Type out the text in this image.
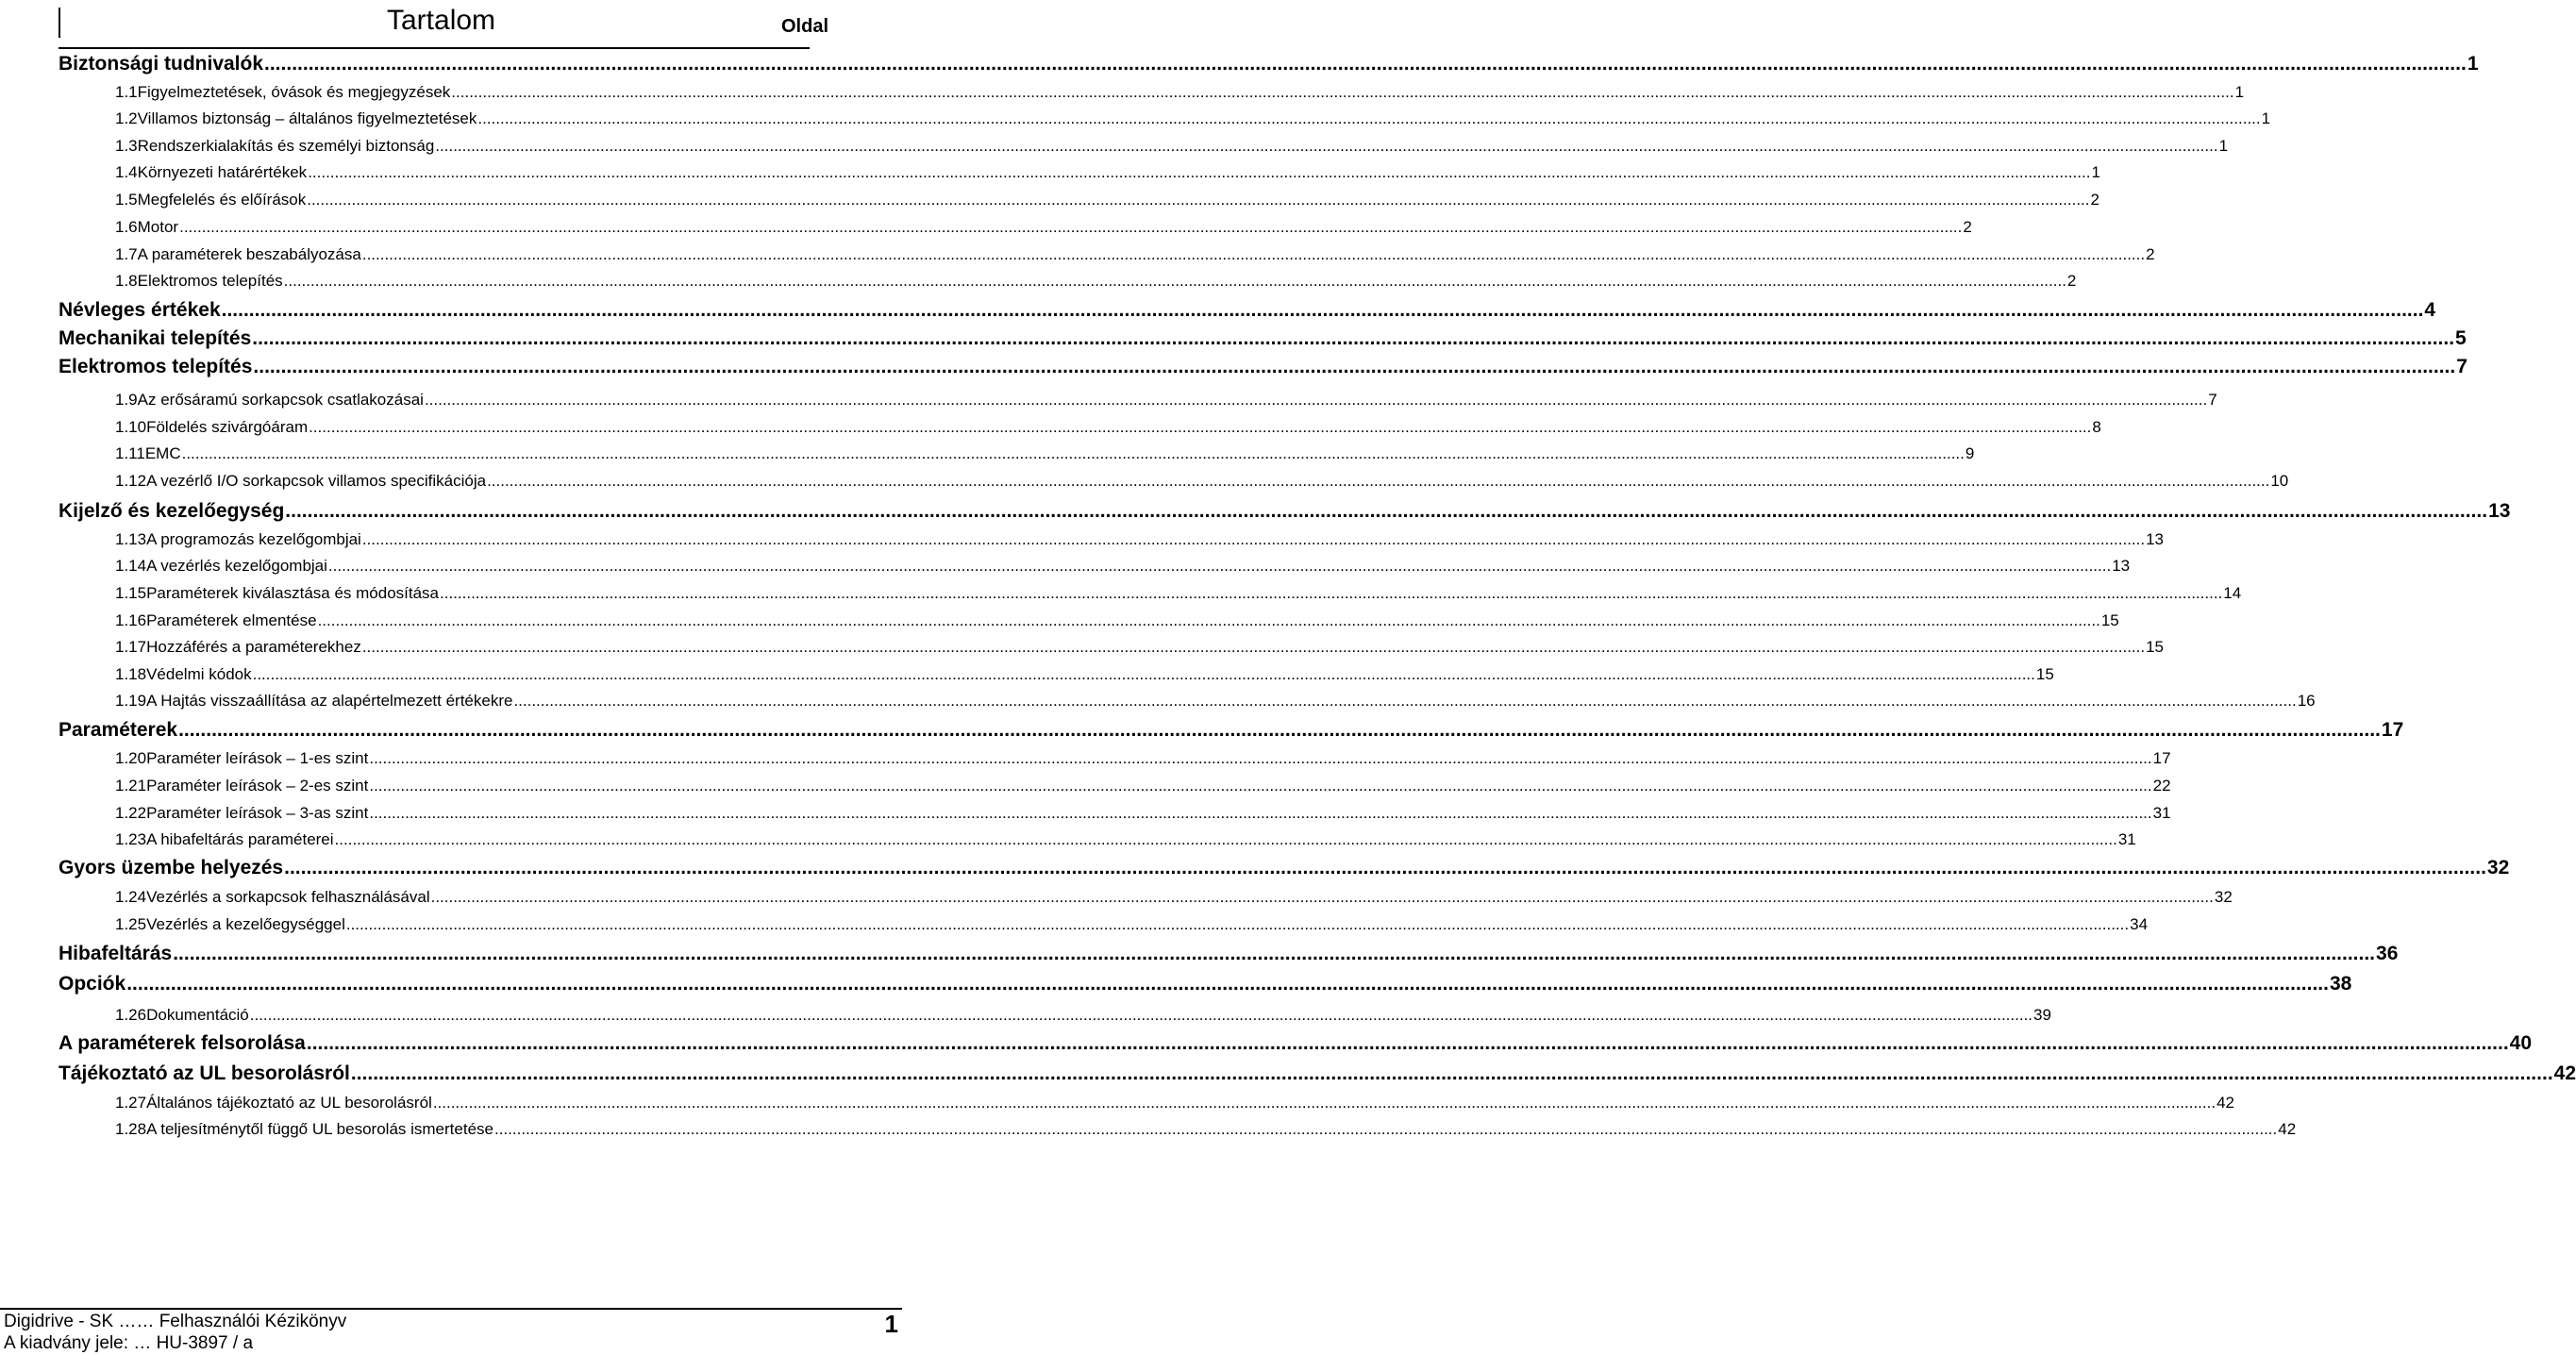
Tartalom	Oldal
Biztonsági tudnivalók ................................................................................................................................................................................................................................................................................................................................................................................................................ 1
1.1 Figyelmeztetések, óvások és megjegyzések ................................................................................................................................................................................................................................................................................................................................................................................................................ 1
1.2 Villamos biztonság – általános figyelmeztetések ................................................................................................................................................................................................................................................................................................................................................................................................................ 1
1.3 Rendszerkialakítás és személyi biztonság ................................................................................................................................................................................................................................................................................................................................................................................................................ 1
1.4 Környezeti határértékek ................................................................................................................................................................................................................................................................................................................................................................................................................ 1
1.5 Megfelelés és előírások ................................................................................................................................................................................................................................................................................................................................................................................................................ 2
1.6 Motor ................................................................................................................................................................................................................................................................................................................................................................................................................ 2
1.7 A paraméterek beszabályozása ................................................................................................................................................................................................................................................................................................................................................................................................................ 2
1.8 Elektromos telepítés ................................................................................................................................................................................................................................................................................................................................................................................................................ 2
Névleges értékek ................................................................................................................................................................................................................................................................................................................................................................................................................ 4
Mechanikai telepítés ................................................................................................................................................................................................................................................................................................................................................................................................................ 5
Elektromos telepítés ................................................................................................................................................................................................................................................................................................................................................................................................................ 7
1.9 Az erősáramú sorkapcsok csatlakozásai ................................................................................................................................................................................................................................................................................................................................................................................................................ 7
1.10 Földelés szivárgóáram ................................................................................................................................................................................................................................................................................................................................................................................................................ 8
1.11 EMC ................................................................................................................................................................................................................................................................................................................................................................................................................ 9
1.12 A vezérlő I/O sorkapcsok villamos specifikációja ................................................................................................................................................................................................................................................................................................................................................................................................................ 10
Kijelző és kezelőegység ................................................................................................................................................................................................................................................................................................................................................................................................................ 13
1.13 A programozás kezelőgombjai ................................................................................................................................................................................................................................................................................................................................................................................................................ 13
1.14 A vezérlés kezelőgombjai ................................................................................................................................................................................................................................................................................................................................................................................................................ 13
1.15 Paraméterek kiválasztása és módosítása ................................................................................................................................................................................................................................................................................................................................................................................................................ 14
1.16 Paraméterek elmentése ................................................................................................................................................................................................................................................................................................................................................................................................................ 15
1.17 Hozzáférés a paraméterekhez ................................................................................................................................................................................................................................................................................................................................................................................................................ 15
1.18 Védelmi kódok ................................................................................................................................................................................................................................................................................................................................................................................................................ 15
1.19 A Hajtás visszaállítása az alapértelmezett értékekre ................................................................................................................................................................................................................................................................................................................................................................................................................ 16
Paraméterek ................................................................................................................................................................................................................................................................................................................................................................................................................ 17
1.20 Paraméter leírások – 1-es szint ................................................................................................................................................................................................................................................................................................................................................................................................................ 17
1.21 Paraméter leírások – 2-es szint ................................................................................................................................................................................................................................................................................................................................................................................................................ 22
1.22 Paraméter leírások – 3-as szint ................................................................................................................................................................................................................................................................................................................................................................................................................ 31
1.23 A hibafeltárás paraméterei ................................................................................................................................................................................................................................................................................................................................................................................................................ 31
Gyors üzembe helyezés ................................................................................................................................................................................................................................................................................................................................................................................................................ 32
1.24 Vezérlés a sorkapcsok felhasználásával ................................................................................................................................................................................................................................................................................................................................................................................................................ 32
1.25 Vezérlés a kezelőegységgel ................................................................................................................................................................................................................................................................................................................................................................................................................ 34
Hibafeltárás ................................................................................................................................................................................................................................................................................................................................................................................................................ 36
Opciók ................................................................................................................................................................................................................................................................................................................................................................................................................ 38
1.26 Dokumentáció ................................................................................................................................................................................................................................................................................................................................................................................................................ 39
A paraméterek felsorolása ................................................................................................................................................................................................................................................................................................................................................................................................................ 40
Tájékoztató az UL besorolásról ................................................................................................................................................................................................................................................................................................................................................................................................................ 42
1.27 Általános tájékoztató az UL besorolásról ................................................................................................................................................................................................................................................................................................................................................................................................................ 42
1.28 A teljesítménytől függő UL besorolás ismertetése ................................................................................................................................................................................................................................................................................................................................................................................................................ 42
Digidrive - SK …… Felhasználói Kézikönyv
A kiadvány jele: … HU-3897 / a
1
